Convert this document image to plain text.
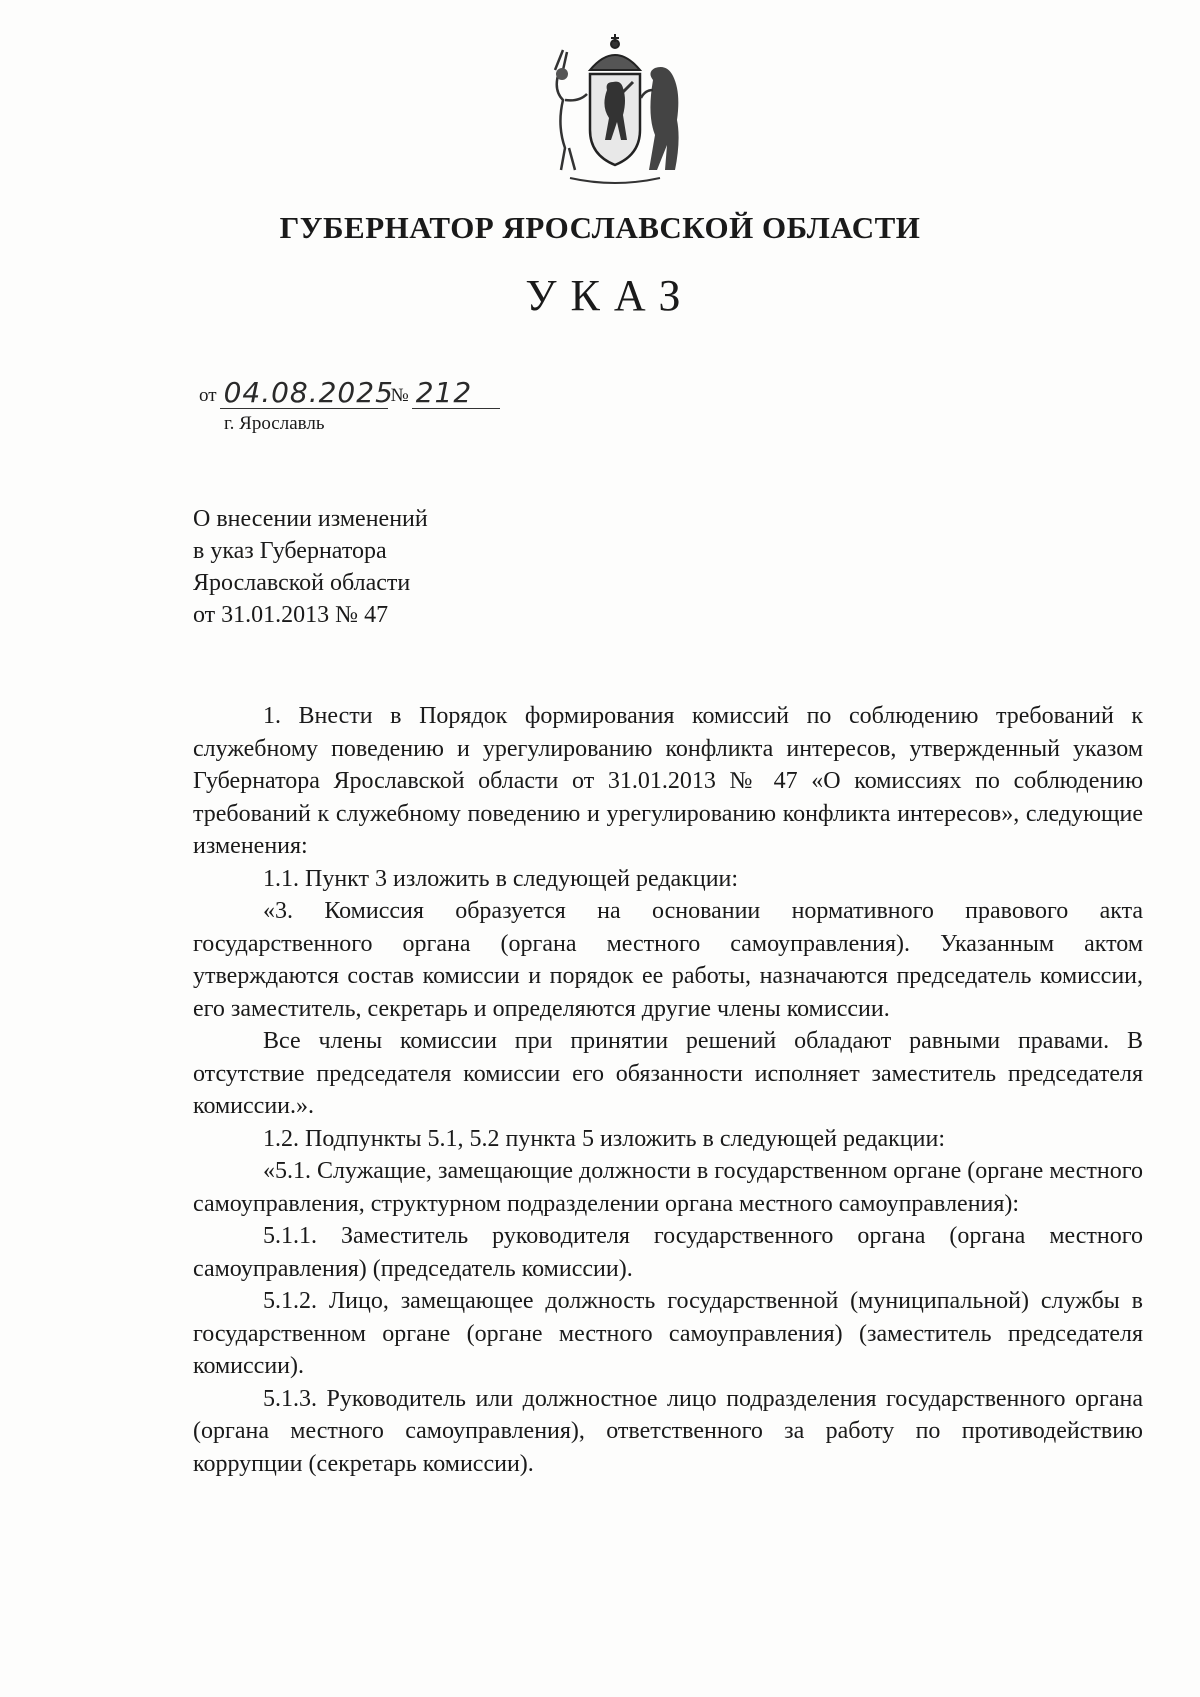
ГУБЕРНАТОР ЯРОСЛАВСКОЙ ОБЛАСТИ
УКАЗ
от 04.08.2025
№ 212
г. Ярославль
О внесении изменений
в указ Губернатора
Ярославской области
от 31.01.2013 № 47

1. Внести в Порядок формирования комиссий по соблюдению требований к служебному поведению и урегулированию конфликта интересов, утвержденный указом Губернатора Ярославской области от 31.01.2013 № 47 «О комиссиях по соблюдению требований к служебному поведению и урегулированию конфликта интересов», следующие изменения:

1.1. Пункт 3 изложить в следующей редакции:

«3. Комиссия образуется на основании нормативного правового акта государственного органа (органа местного самоуправления). Указанным актом утверждаются состав комиссии и порядок ее работы, назначаются председатель комиссии, его заместитель, секретарь и определяются другие члены комиссии.

Все члены комиссии при принятии решений обладают равными правами. В отсутствие председателя комиссии его обязанности исполняет заместитель председателя комиссии.».

1.2. Подпункты 5.1, 5.2 пункта 5 изложить в следующей редакции:

«5.1. Служащие, замещающие должности в государственном органе (органе местного самоуправления, структурном подразделении органа местного самоуправления):

5.1.1. Заместитель руководителя государственного органа (органа местного самоуправления) (председатель комиссии).

5.1.2. Лицо, замещающее должность государственной (муниципальной) службы в государственном органе (органе местного самоуправления) (заместитель председателя комиссии).

5.1.3. Руководитель или должностное лицо подразделения государственного органа (органа местного самоуправления), ответственного за работу по противодействию коррупции (секретарь комиссии).
